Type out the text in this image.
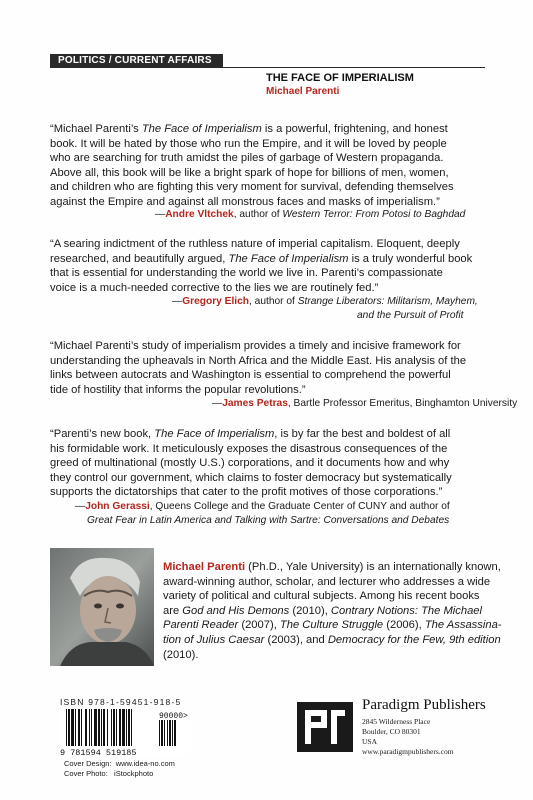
POLITICS / CURRENT AFFAIRS
THE FACE OF IMPERIALISM
Michael Parenti
“Michael Parenti’s The Face of Imperialism is a powerful, frightening, and honest
book. It will be hated by those who run the Empire, and it will be loved by people
who are searching for truth amidst the piles of garbage of Western propaganda.
Above all, this book will be like a bright spark of hope for billions of men, women,
and children who are fighting this very moment for survival, defending themselves
against the Empire and against all monstrous faces and masks of imperialism.”
—Andre Vltchek, author of Western Terror: From Potosi to Baghdad
“A searing indictment of the ruthless nature of imperial capitalism. Eloquent, deeply
researched, and beautifully argued, The Face of Imperialism is a truly wonderful book
that is essential for understanding the world we live in. Parenti’s compassionate
voice is a much-needed corrective to the lies we are routinely fed.”
—Gregory Elich, author of Strange Liberators: Militarism, Mayhem,
and the Pursuit of Profit
“Michael Parenti’s study of imperialism provides a timely and incisive framework for
understanding the upheavals in North Africa and the Middle East. His analysis of the
links between autocrats and Washington is essential to comprehend the powerful
tide of hostility that informs the popular revolutions.”
—James Petras, Bartle Professor Emeritus, Binghamton University
“Parenti’s new book, The Face of Imperialism, is by far the best and boldest of all
his formidable work. It meticulously exposes the disastrous consequences of the
greed of multinational (mostly U.S.) corporations, and it documents how and why
they control our government, which claims to foster democracy but systematically
supports the dictatorships that cater to the profit motives of those corporations.”
—John Gerassi, Queens College and the Graduate Center of CUNY and author of
Great Fear in Latin America and Talking with Sartre: Conversations and Debates
Michael Parenti (Ph.D., Yale University) is an internationally known,
award-winning author, scholar, and lecturer who addresses a wide
variety of political and cultural subjects. Among his recent books
are God and His Demons (2010), Contrary Notions: The Michael
Parenti Reader (2007), The Culture Struggle (2006), The Assassina-
tion of Julius Caesar (2003), and Democracy for the Few, 9th edition
(2010).
ISBN 978-1-59451-918-5
9 781594 519185
90000>
Cover Design: www.idea-no.com
Cover Photo: iStockphoto
Paradigm Publishers
2845 Wilderness Place
Boulder, CO 80301
USA
www.paradigmpublishers.com
